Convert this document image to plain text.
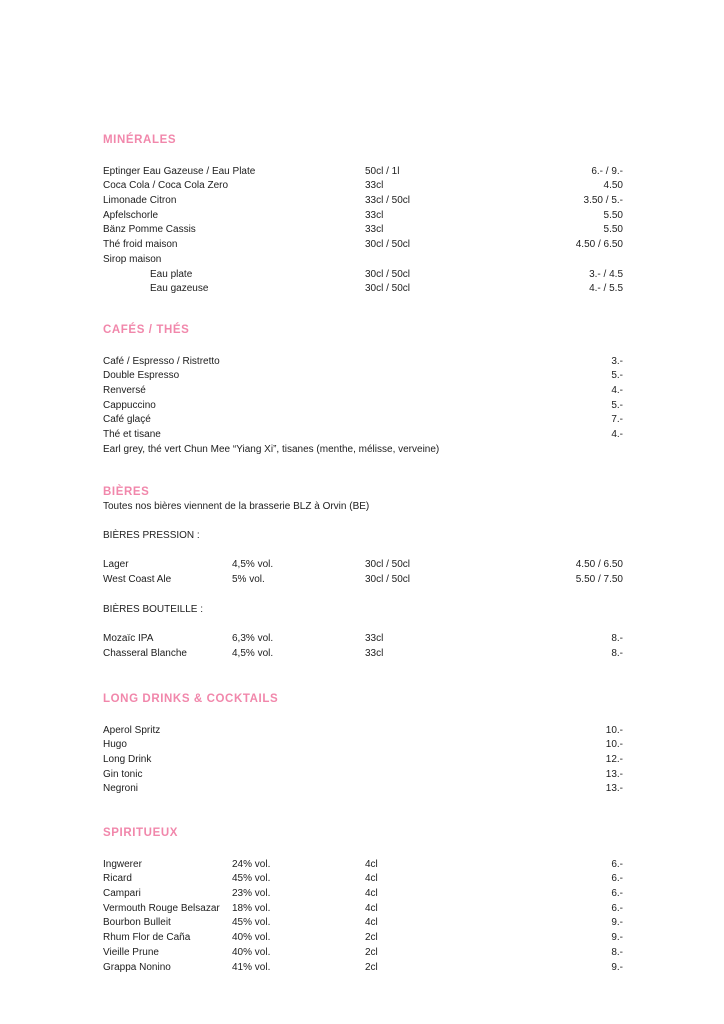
MINÉRALES
Eptinger Eau Gazeuse / Eau Plate	50cl / 1l	6.- / 9.-
Coca Cola / Coca Cola Zero	33cl	4.50
Limonade Citron	33cl / 50cl	3.50 / 5.-
Apfelschorle	33cl	5.50
Bänz Pomme Cassis	33cl	5.50
Thé froid maison	30cl / 50cl	4.50 / 6.50
Sirop maison
Eau plate	30cl / 50cl	3.- / 4.5
Eau gazeuse	30cl / 50cl	4.- / 5.5
CAFÉS / THÉS
Café / Espresso / Ristretto	3.-
Double Espresso	5.-
Renversé	4.-
Cappuccino	5.-
Café glaçé	7.-
Thé et tisane	4.-
Earl grey, thé vert Chun Mee “Yiang Xi”, tisanes (menthe, mélisse, verveine)
BIÈRES
Toutes nos bières viennent de la brasserie BLZ à Orvin (BE)
BIÈRES PRESSION :
Lager	4,5% vol.	30cl / 50cl	4.50 / 6.50
West Coast Ale	5% vol.	30cl / 50cl	5.50 / 7.50
BIÈRES BOUTEILLE :
Mozaïc IPA	6,3% vol.	33cl	8.-
Chasseral Blanche	4,5% vol.	33cl	8.-
LONG DRINKS & COCKTAILS
Aperol Spritz	10.-
Hugo	10.-
Long Drink	12.-
Gin tonic	13.-
Negroni	13.-
SPIRITUEUX
Ingwerer	24% vol.	4cl	6.-
Ricard	45% vol.	4cl	6.-
Campari	23% vol.	4cl	6.-
Vermouth Rouge Belsazar 18% vol.	4cl	6.-
Bourbon Bulleit	45% vol.	4cl	9.-
Rhum Flor de Caña	40% vol.	2cl	9.-
Vieille Prune	40% vol.	2cl	8.-
Grappa Nonino	41% vol.	2cl	9.-
